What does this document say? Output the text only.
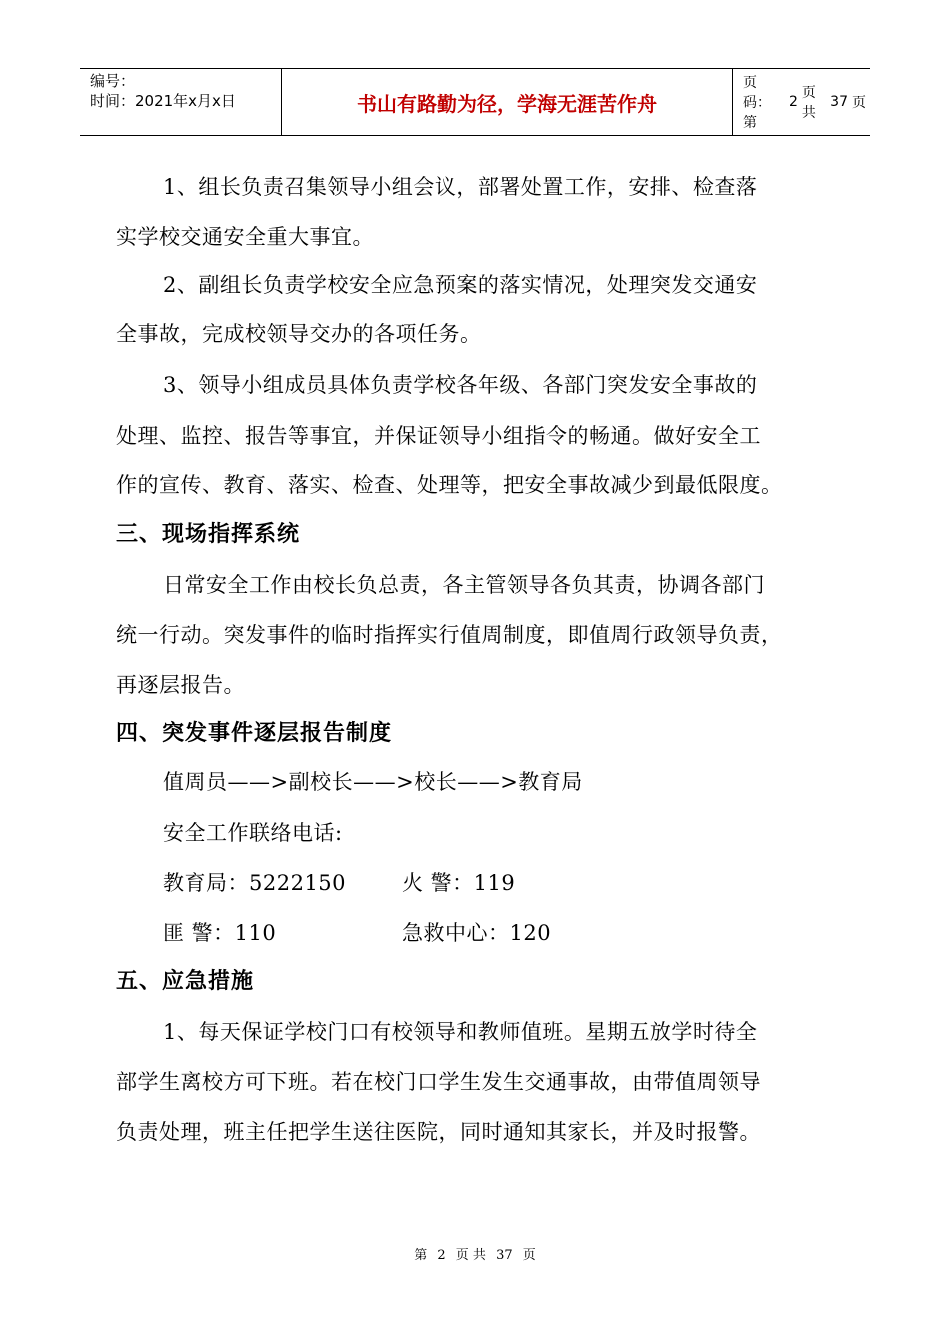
编号：
时间：2021年x月x日	书山有路勤为径，学海无涯苦作舟
页码：第
2
页 共
37 页
1、组长负责召集领导小组会议，部署处置工作，安排、检查落
实学校交通安全重大事宜。
2、副组长负责学校安全应急预案的落实情况，处理突发交通安
全事故，完成校领导交办的各项任务。
3、领导小组成员具体负责学校各年级、各部门突发安全事故的
处理、监控、报告等事宜，并保证领导小组指令的畅通。做好安全工
作的宣传、教育、落实、检查、处理等，把安全事故减少到最低限度。
三、现场指挥系统
日常安全工作由校长负总责，各主管领导各负其责，协调各部门
统一行动。突发事件的临时指挥实行值周制度，即值周行政领导负责，
再逐层报告。
四、突发事件逐层报告制度
值周员——>副校长——>校长——>教育局
安全工作联络电话:
教育局：5222150	火 警：119
匪 警：110	急救中心：120
五、应急措施
1、每天保证学校门口有校领导和教师值班。星期五放学时待全
部学生离校方可下班。若在校门口学生发生交通事故，由带值周领导
负责处理，班主任把学生送往医院，同时通知其家长，并及时报警。
第 2 页 共 37 页
